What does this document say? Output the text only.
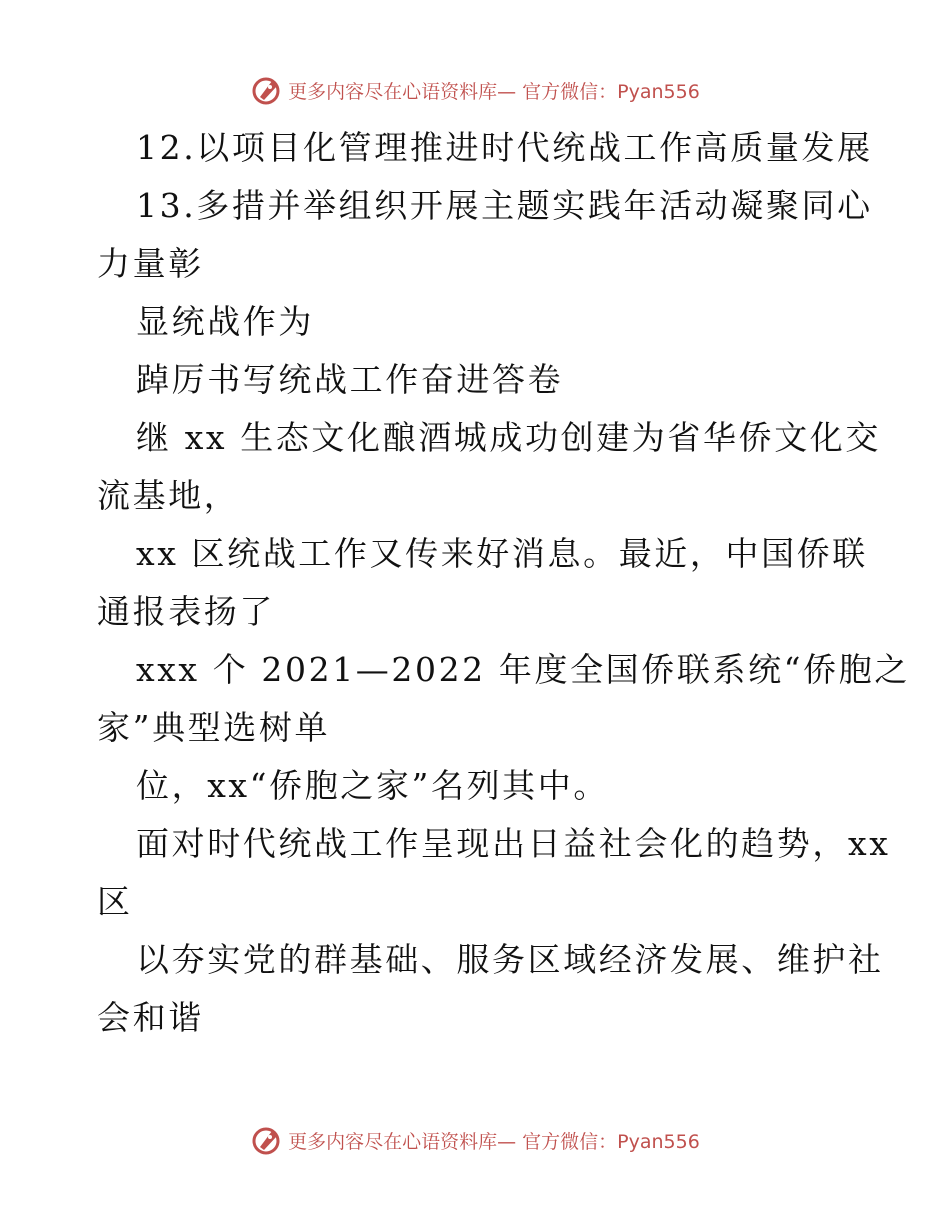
更多内容尽在心语资料库— 官方微信：Pyan556
12.以项目化管理推进时代统战工作高质量发展
13.多措并举组织开展主题实践年活动凝聚同心
力量彰
显统战作为
踔厉书写统战工作奋进答卷
继 xx 生态文化酿酒城成功创建为省华侨文化交
流基地，
xx 区统战工作又传来好消息。最近，中国侨联
通报表扬了
xxx 个 2021—2022 年度全国侨联系统“侨胞之
家”典型选树单
位，xx“侨胞之家”名列其中。
面对时代统战工作呈现出日益社会化的趋势，xx
区
以夯实党的群基础、服务区域经济发展、维护社
会和谐
更多内容尽在心语资料库— 官方微信：Pyan556
